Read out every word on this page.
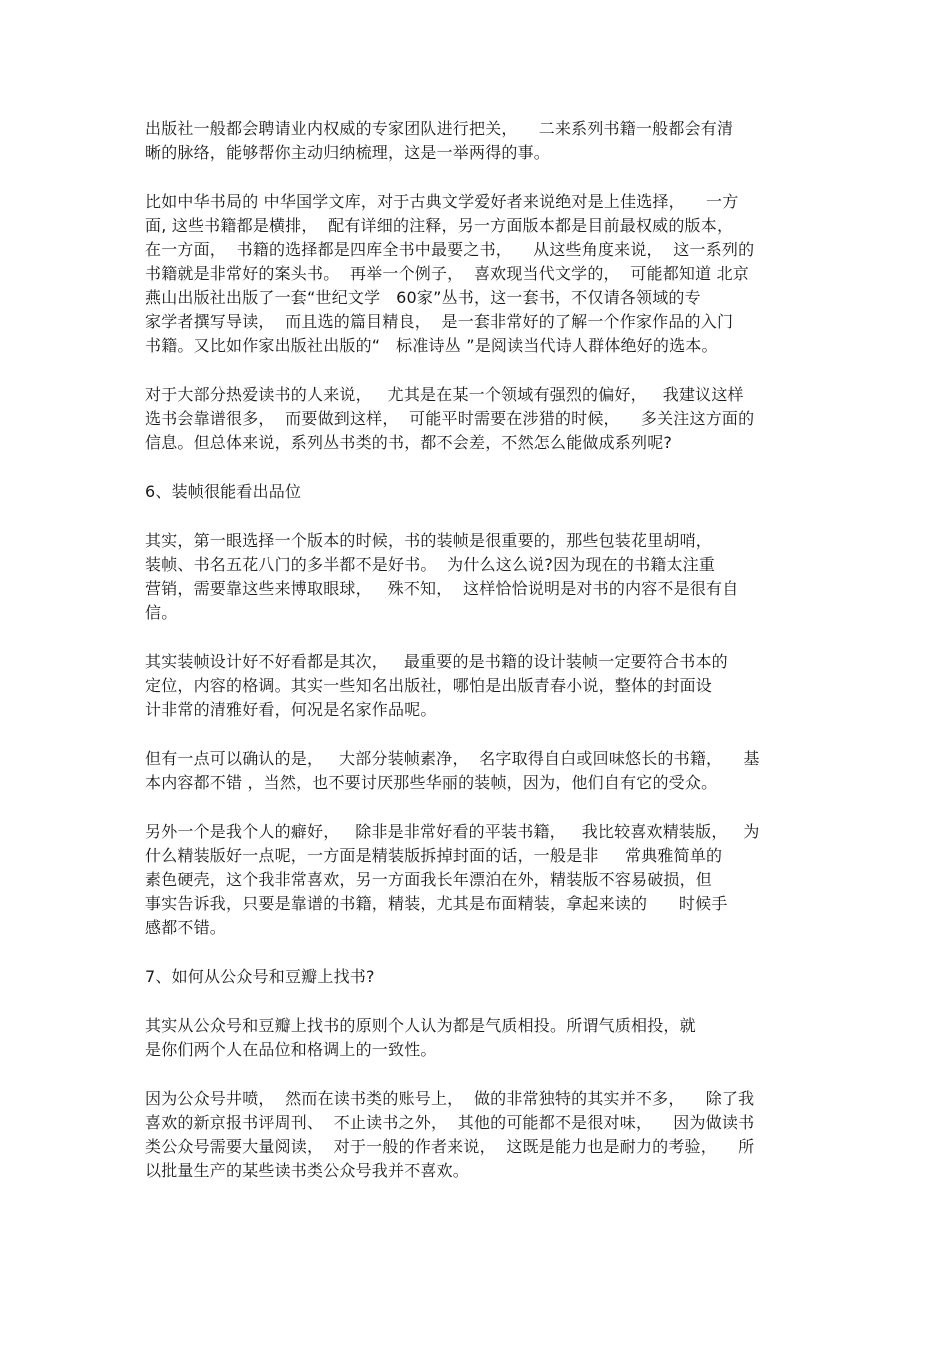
出版社一般都会聘请业内权威的专家团队进行把关，    二来系列书籍一般都会有清
晰的脉络，能够帮你主动归纳梳理，这是一举两得的事。
比如中华书局的 中华国学文库，对于古典文学爱好者来说绝对是上佳选择，    一方
面, 这些书籍都是横排，  配有详细的注释，另一方面版本都是目前最权威的版本，
在一方面，  书籍的选择都是四库全书中最要之书，    从这些角度来说，  这一系列的
书籍就是非常好的案头书。  再举一个例子，  喜欢现当代文学的，  可能都知道 北京
燕山出版社出版了一套“世纪文学   60家”丛书，这一套书，不仅请各领域的专
家学者撰写导读，  而且选的篇目精良，  是一套非常好的了解一个作家作品的入门
书籍。又比如作家出版社出版的“   标准诗丛 ”是阅读当代诗人群体绝好的选本。
对于大部分热爱读书的人来说，   尤其是在某一个领域有强烈的偏好，   我建议这样
选书会靠谱很多，  而要做到这样，  可能平时需要在涉猎的时候，    多关注这方面的
信息。但总体来说，系列丛书类的书，都不会差，不然怎么能做成系列呢?
6、装帧很能看出品位
其实，第一眼选择一个版本的时候，书的装帧是很重要的，那些包装花里胡哨，
装帧、书名五花八门的多半都不是好书。  为什么这么说?因为现在的书籍太注重
营销，需要靠这些来博取眼球，   殊不知，  这样恰恰说明是对书的内容不是很有自
信。
其实装帧设计好不好看都是其次，   最重要的是书籍的设计装帧一定要符合书本的
定位，内容的格调。其实一些知名出版社，哪怕是出版青春小说，整体的封面设
计非常的清雅好看，何况是名家作品呢。
但有一点可以确认的是，   大部分装帧素净，  名字取得自白或回味悠长的书籍，    基
本内容都不错 ，当然，也不要讨厌那些华丽的装帧，因为，他们自有它的受众。
另外一个是我个人的癖好，   除非是非常好看的平装书籍，   我比较喜欢精装版，   为
什么精装版好一点呢，一方面是精装版拆掉封面的话，一般是非     常典雅简单的
素色硬壳，这个我非常喜欢，另一方面我长年漂泊在外，精装版不容易破损，但
事实告诉我，只要是靠谱的书籍，精装，尤其是布面精装，拿起来读的      时候手
感都不错。
7、如何从公众号和豆瓣上找书?
其实从公众号和豆瓣上找书的原则个人认为都是气质相投。所谓气质相投，就
是你们两个人在品位和格调上的一致性。
因为公众号井喷，  然而在读书类的账号上，  做的非常独特的其实并不多，    除了我
喜欢的新京报书评周刊、  不止读书之外，  其他的可能都不是很对味，    因为做读书
类公众号需要大量阅读，  对于一般的作者来说，  这既是能力也是耐力的考验，    所
以批量生产的某些读书类公众号我并不喜欢。
